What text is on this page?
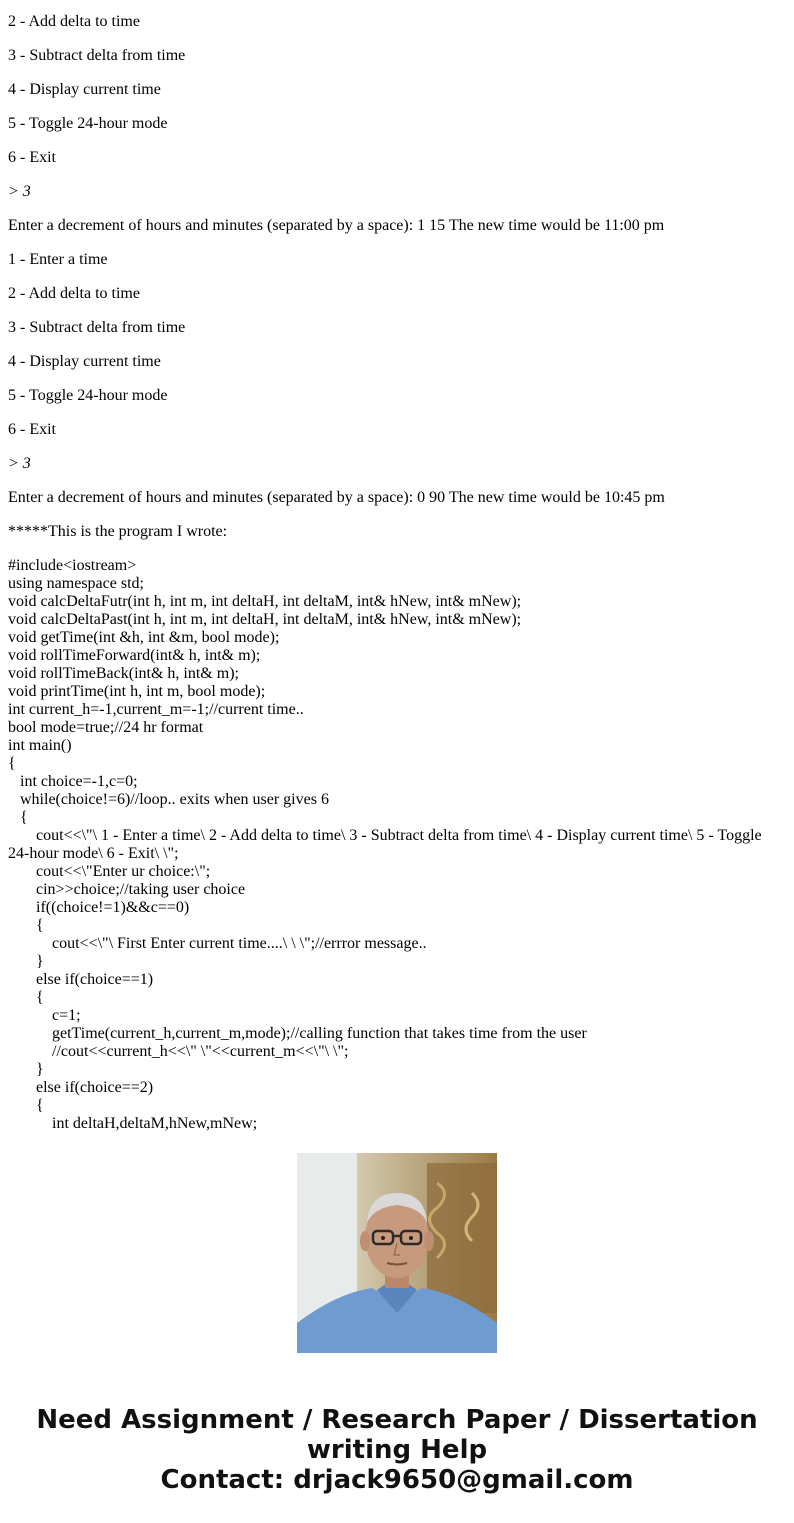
2 - Add delta to time

3 - Subtract delta from time

4 - Display current time

5 - Toggle 24-hour mode

6 - Exit

> 3

Enter a decrement of hours and minutes (separated by a space): 1 15 The new time would be 11:00 pm

1 - Enter a time

2 - Add delta to time

3 - Subtract delta from time

4 - Display current time

5 - Toggle 24-hour mode

6 - Exit

> 3

Enter a decrement of hours and minutes (separated by a space): 0 90 The new time would be 10:45 pm

*****This is the program I wrote:

#include<iostream>
using namespace std;
void calcDeltaFutr(int h, int m, int deltaH, int deltaM, int& hNew, int& mNew);
void calcDeltaPast(int h, int m, int deltaH, int deltaM, int& hNew, int& mNew);
void getTime(int &h, int &m, bool mode);
void rollTimeForward(int& h, int& m);
void rollTimeBack(int& h, int& m);
void printTime(int h, int m, bool mode);
int current_h=-1,current_m=-1;//current time..
bool mode=true;//24 hr format
int main()
{
int choice=-1,c=0;
while(choice!=6)//loop.. exits when user gives 6
{
cout<<\"\ 1 - Enter a time\ 2 - Add delta to time\ 3 - Subtract delta from time\ 4 - Display current time\ 5 - Toggle 24-hour mode\ 6 - Exit\ \";
cout<<\"Enter ur choice:\";
cin>>choice;//taking user choice
if((choice!=1)&&c==0)
{
cout<<\"\ First Enter current time....\ \ \";//errror message..
}
else if(choice==1)
{
c=1;
getTime(current_h,current_m,mode);//calling function that takes time from the user
//cout<<current_h<<\" \"<<current_m<<\"\ \";
}
else if(choice==2)
{
int deltaH,deltaM,hNew,mNew;
Need Assignment / Research Paper / Dissertation
writing Help
Contact: drjack9650@gmail.com
